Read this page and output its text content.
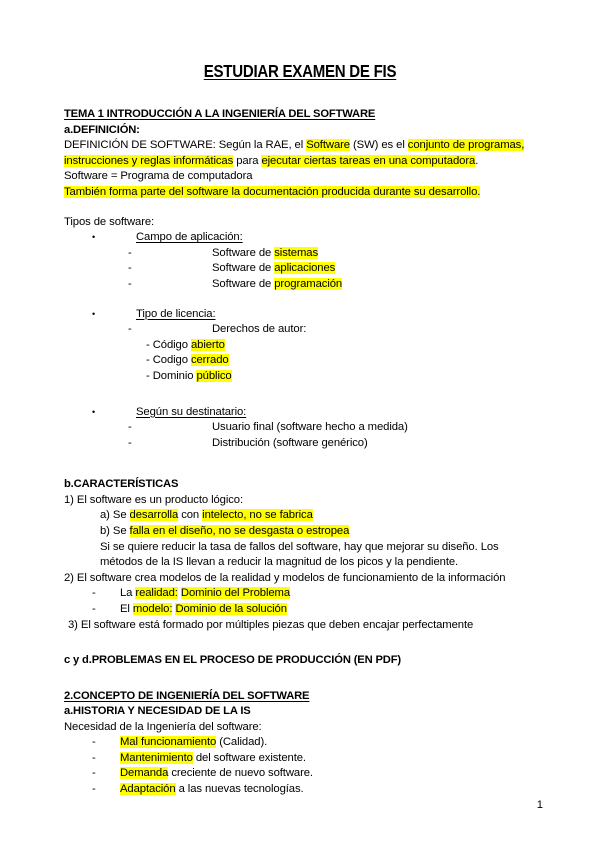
ESTUDIAR EXAMEN DE FIS
TEMA 1 INTRODUCCIÓN A LA INGENIERÍA DEL SOFTWARE
a.DEFINICIÓN:
DEFINICIÓN DE SOFTWARE: Según la RAE, el Software (SW) es el conjunto de programas, instrucciones y reglas informáticas para ejecutar ciertas tareas en una computadora.
Software = Programa de computadora
También forma parte del software la documentación producida durante su desarrollo.
Tipos de software:
•	Campo de aplicación:
-	Software de sistemas
-	Software de aplicaciones
-	Software de programación
•	Tipo de licencia:
-	Derechos de autor:
- Código abierto
- Codigo cerrado
- Dominio público
•	Según su destinatario:
-	Usuario final (software hecho a medida)
-	Distribución (software genérico)
b.CARACTERÍSTICAS
1) El software es un producto lógico:
a) Se desarrolla con intelecto, no se fabrica
b) Se falla en el diseño, no se desgasta o estropea
Si se quiere reducir la tasa de fallos del software, hay que mejorar su diseño. Los métodos de la IS llevan a reducir la magnitud de los picos y la pendiente.
2) El software crea modelos de la realidad y modelos de funcionamiento de la información
-	La realidad: Dominio del Problema
-	El modelo: Dominio de la solución
3) El software está formado por múltiples piezas que deben encajar perfectamente
c y d.PROBLEMAS EN EL PROCESO DE PRODUCCIÓN (EN PDF)
2.CONCEPTO DE INGENIERÍA DEL SOFTWARE
a.HISTORIA Y NECESIDAD DE LA IS
Necesidad de la Ingeniería del software:
-	Mal funcionamiento (Calidad).
-	Mantenimiento del software existente.
-	Demanda creciente de nuevo software.
-	Adaptación a las nuevas tecnologías.
1
